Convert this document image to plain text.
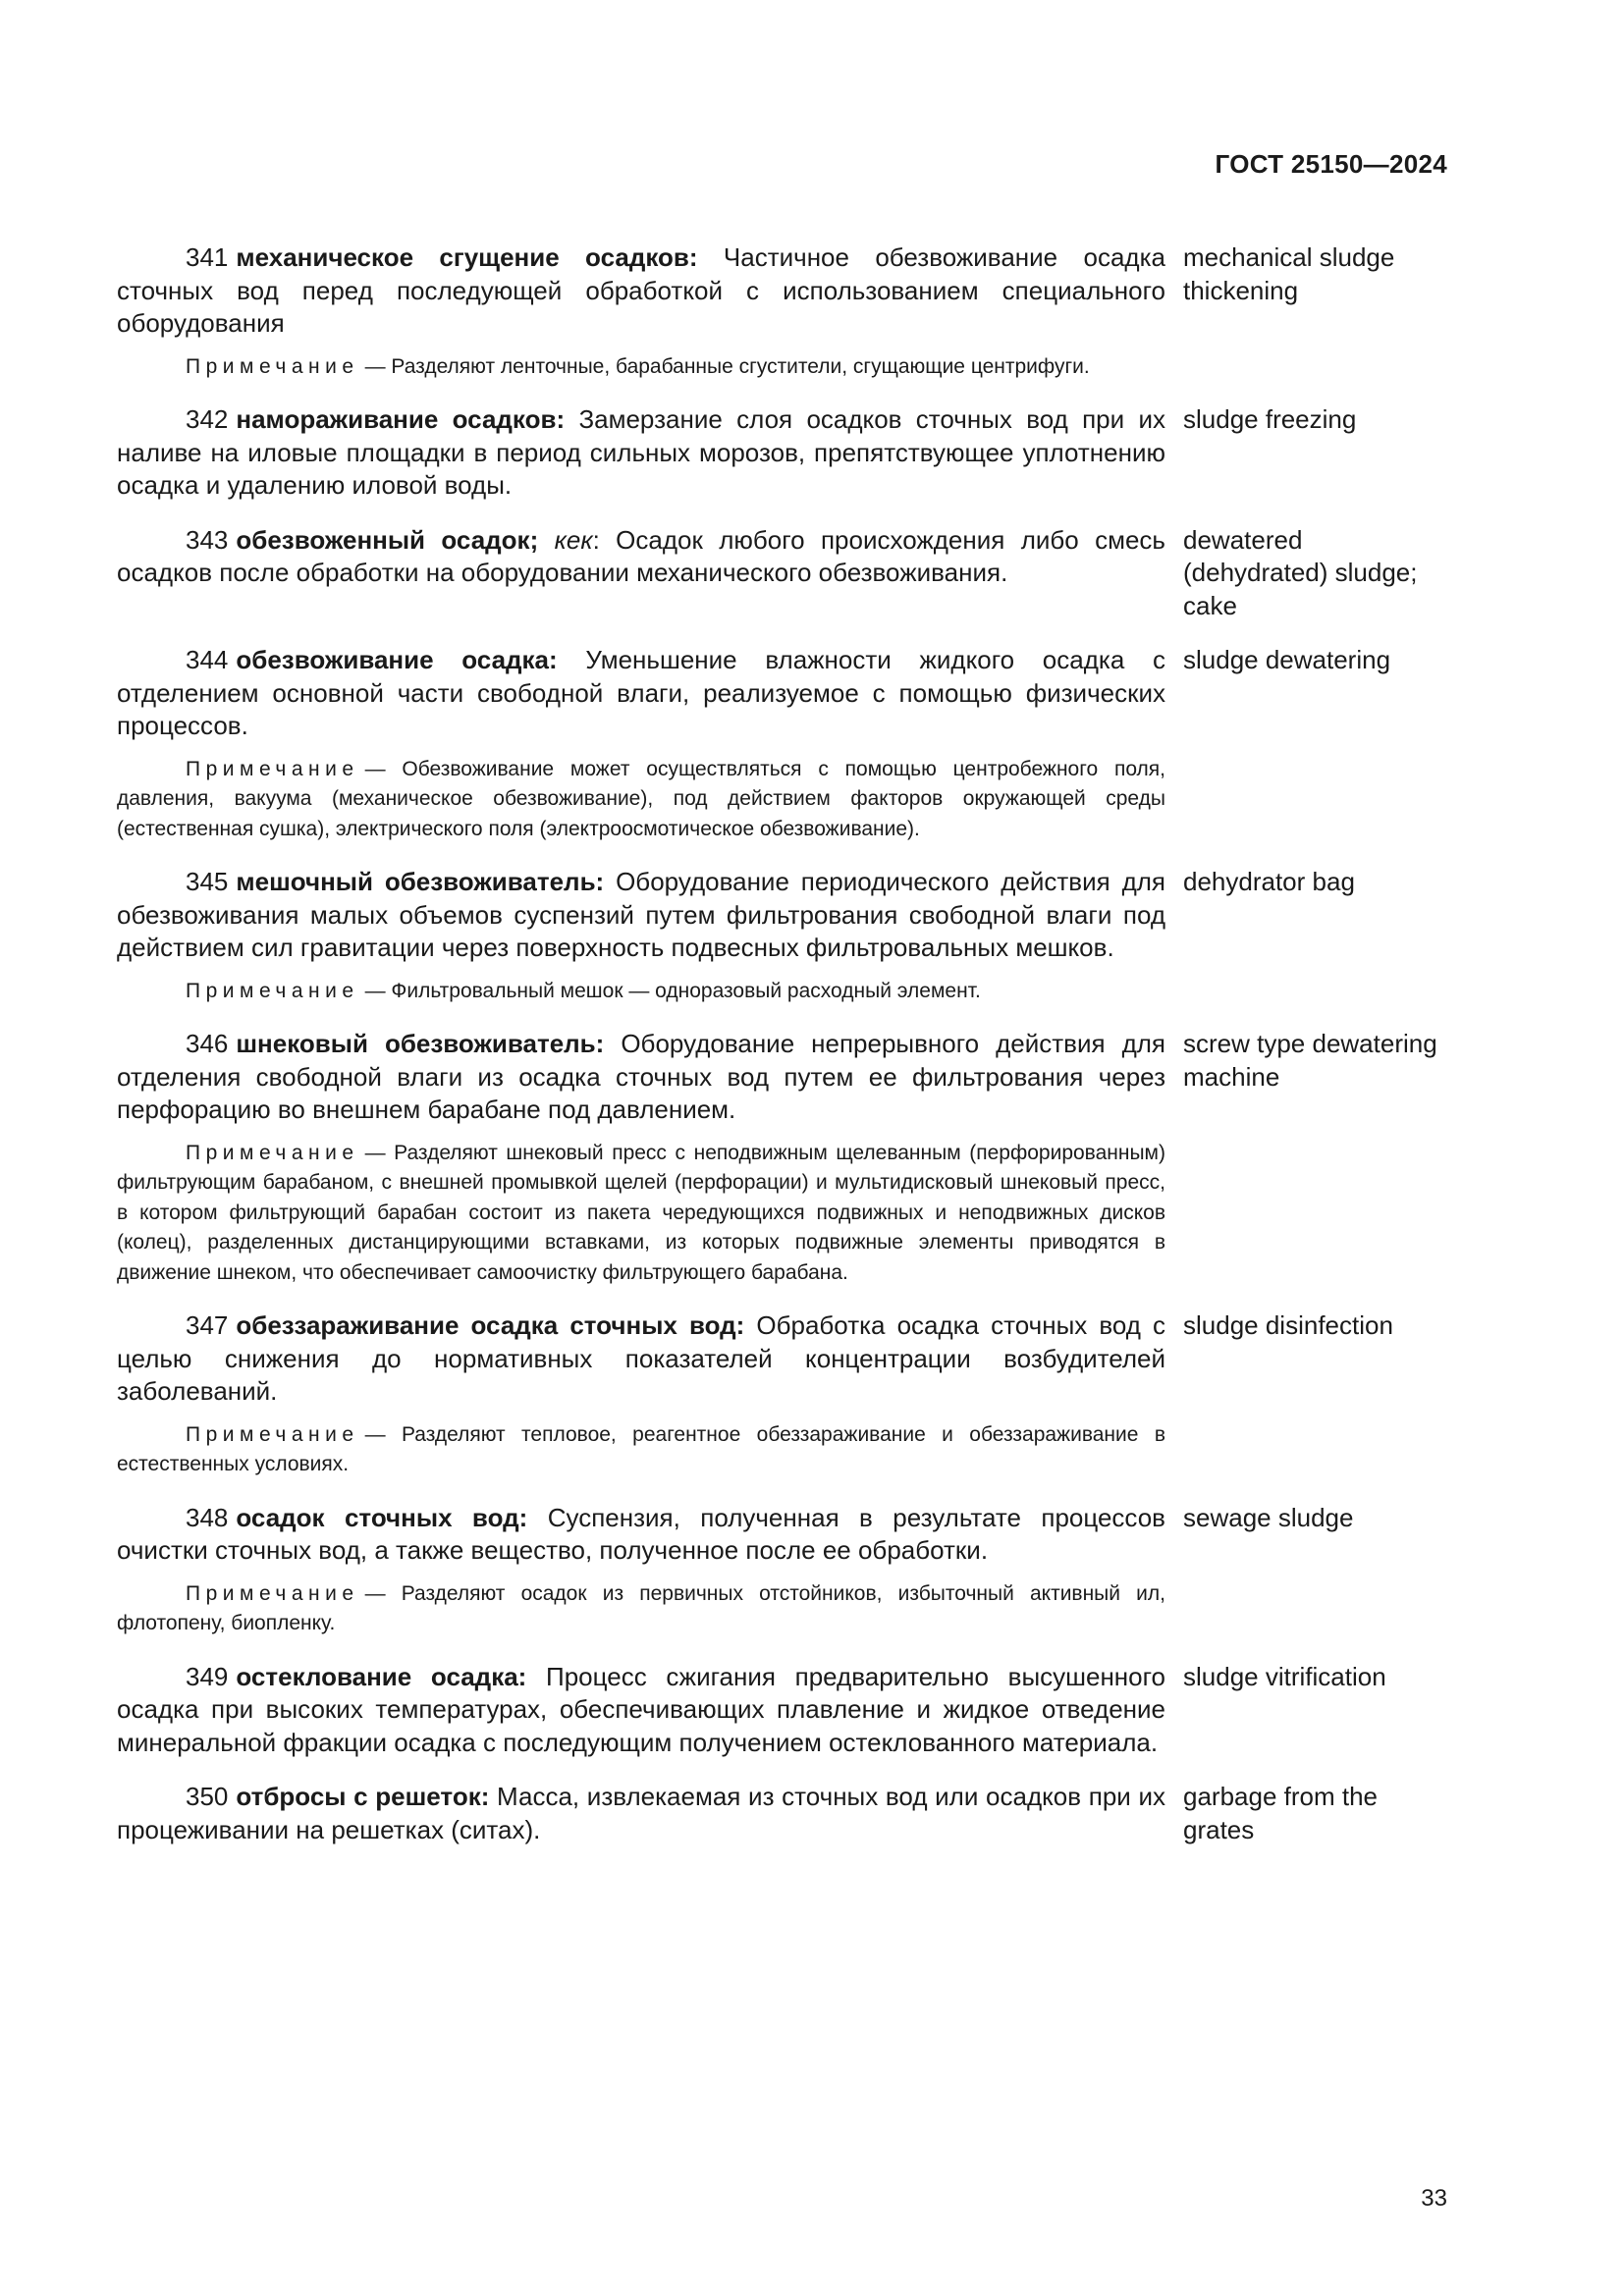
ГОСТ 25150—2024

341 механическое сгущение осадков: Частичное обезвоживание осадка сточных вод перед последующей обработкой с использованием специального оборудования

Примечание — Разделяют ленточные, барабанные сгустители, сгущающие центрифуги.

mechanical sludge thickening

342 намораживание осадков: Замерзание слоя осадков сточных вод при их наливе на иловые площадки в период сильных морозов, препятствующее уплотнению осадка и удалению иловой воды.

sludge freezing

343 обезвоженный осадок; кек: Осадок любого происхождения либо смесь осадков после обработки на оборудовании механического обезвоживания.

dewatered (dehydrated) sludge; cake

344 обезвоживание осадка: Уменьшение влажности жидкого осадка с отделением основной части свободной влаги, реализуемое с помощью физических процессов.

Примечание — Обезвоживание может осуществляться с помощью центробежного поля, давления, вакуума (механическое обезвоживание), под действием факторов окружающей среды (естественная сушка), электрического поля (электроосмотическое обезвоживание).

sludge dewatering

345 мешочный обезвоживатель: Оборудование периодического действия для обезвоживания малых объемов суспензий путем фильтрования свободной влаги под действием сил гравитации через поверхность подвесных фильтровальных мешков.

Примечание — Фильтровальный мешок — одноразовый расходный элемент.

dehydrator bag

346 шнековый обезвоживатель: Оборудование непрерывного действия для отделения свободной влаги из осадка сточных вод путем ее фильтрования через перфорацию во внешнем барабане под давлением.

Примечание — Разделяют шнековый пресс с неподвижным щелеванным (перфорированным) фильтрующим барабаном, с внешней промывкой щелей (перфорации) и мультидисковый шнековый пресс, в котором фильтрующий барабан состоит из пакета чередующихся подвижных и неподвижных дисков (колец), разделенных дистанцирующими вставками, из которых подвижные элементы приводятся в движение шнеком, что обеспечивает самоочистку фильтрующего барабана.

screw type dewatering machine

347 обеззараживание осадка сточных вод: Обработка осадка сточных вод с целью снижения до нормативных показателей концентрации возбудителей заболеваний.

Примечание — Разделяют тепловое, реагентное обеззараживание и обеззараживание в естественных условиях.

sludge disinfection

348 осадок сточных вод: Суспензия, полученная в результате процессов очистки сточных вод, а также вещество, полученное после ее обработки.

Примечание — Разделяют осадок из первичных отстойников, избыточный активный ил, флотопену, биопленку.

sewage sludge

349 остеклование осадка: Процесс сжигания предварительно высушенного осадка при высоких температурах, обеспечивающих плавление и жидкое отведение минеральной фракции осадка с последующим получением остеклованного материала.

sludge vitrification

350 отбросы с решеток: Масса, извлекаемая из сточных вод или осадков при их процеживании на решетках (ситах).

garbage from the grates
33
